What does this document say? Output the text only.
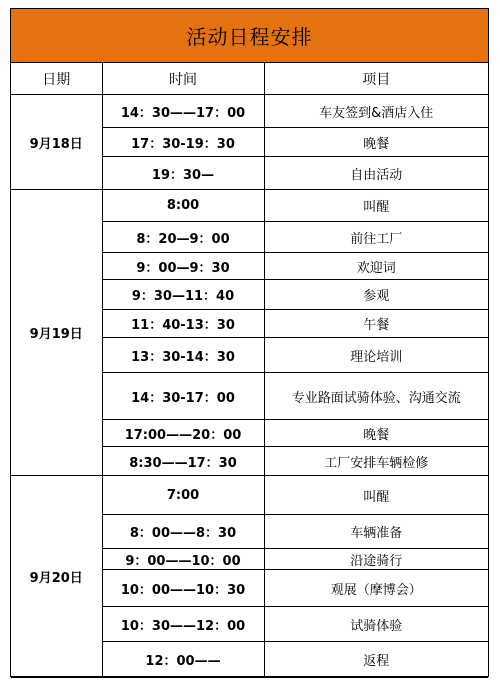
活动日程安排
日期	时间	项目
9月18日	14：30——17：00	车友签到&酒店入住
	17：30-19：30	晚餐
	19：30—	自由活动
9月19日	8:00	叫醒
	8：20—9：00	前往工厂
	9：00—9：30	欢迎词
	9：30—11：40	参观
	11：40-13：30	午餐
	13：30-14：30	理论培训
	14：30-17：00	专业路面试骑体验、沟通交流
	17:00——20：00	晚餐
	8:30——17：30	工厂安排车辆检修
9月20日	7:00	叫醒
	8：00——8：30	车辆准备
	9：00——10：00	沿途骑行
	10：00——10：30	观展（摩博会）
	10：30——12：00	试骑体验
	12：00——	返程
